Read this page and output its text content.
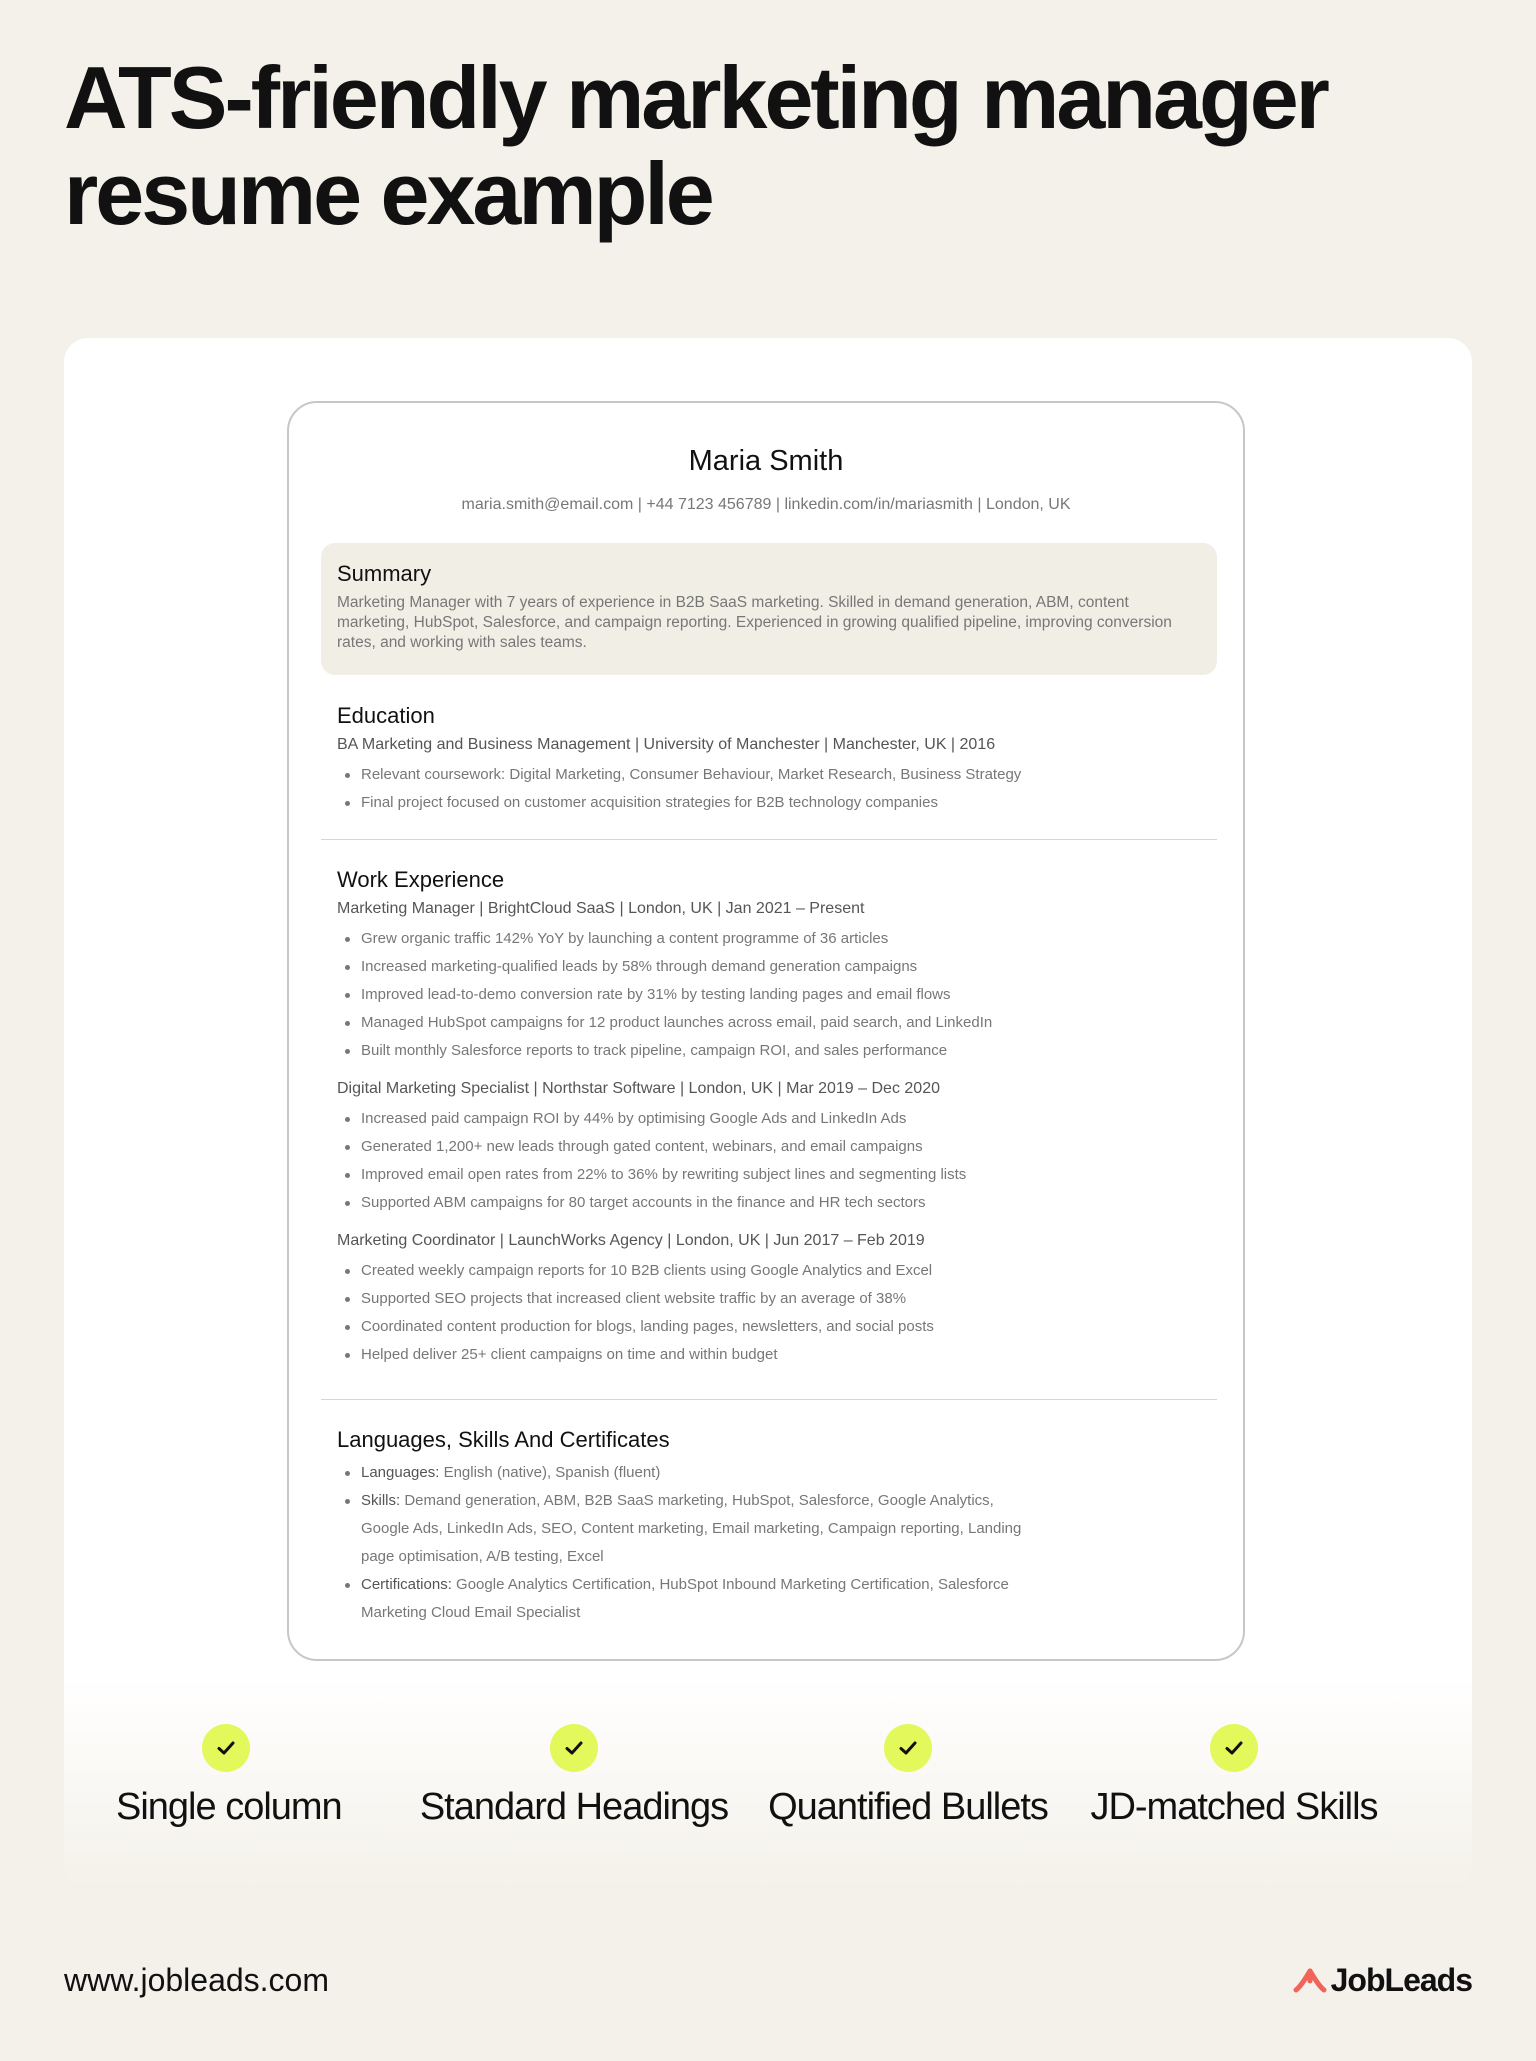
ATS-friendly marketing manager
resume example
Maria Smith
maria.smith@email.com | +44 7123 456789 | linkedin.com/in/mariasmith | London, UK
Summary

Marketing Manager with 7 years of experience in B2B SaaS marketing. Skilled in demand generation, ABM, content marketing, HubSpot, Salesforce, and campaign reporting. Experienced in growing qualified pipeline, improving conversion rates, and working with sales teams.

Education
BA Marketing and Business Management | University of Manchester | Manchester, UK | 2016
Relevant coursework: Digital Marketing, Consumer Behaviour, Market Research, Business Strategy
Final project focused on customer acquisition strategies for B2B technology companies
Work Experience
Marketing Manager | BrightCloud SaaS | London, UK | Jan 2021 – Present
Grew organic traffic 142% YoY by launching a content programme of 36 articles
Increased marketing-qualified leads by 58% through demand generation campaigns
Improved lead-to-demo conversion rate by 31% by testing landing pages and email flows
Managed HubSpot campaigns for 12 product launches across email, paid search, and LinkedIn
Built monthly Salesforce reports to track pipeline, campaign ROI, and sales performance
Digital Marketing Specialist | Northstar Software | London, UK | Mar 2019 – Dec 2020
Increased paid campaign ROI by 44% by optimising Google Ads and LinkedIn Ads
Generated 1,200+ new leads through gated content, webinars, and email campaigns
Improved email open rates from 22% to 36% by rewriting subject lines and segmenting lists
Supported ABM campaigns for 80 target accounts in the finance and HR tech sectors
Marketing Coordinator | LaunchWorks Agency | London, UK | Jun 2017 – Feb 2019
Created weekly campaign reports for 10 B2B clients using Google Analytics and Excel
Supported SEO projects that increased client website traffic by an average of 38%
Coordinated content production for blogs, landing pages, newsletters, and social posts
Helped deliver 25+ client campaigns on time and within budget
Languages, Skills And Certificates
Languages: English (native), Spanish (fluent)
Skills: Demand generation, ABM, B2B SaaS marketing, HubSpot, Salesforce, Google Analytics, Google Ads, LinkedIn Ads, SEO, Content marketing, Email marketing, Campaign reporting, Landing page optimisation, A/B testing, Excel
Certifications: Google Analytics Certification, HubSpot Inbound Marketing Certification, Salesforce Marketing Cloud Email Specialist
Single column Standard Headings Quantified Bullets JD-matched Skills
www.jobleads.com	JobLeads
